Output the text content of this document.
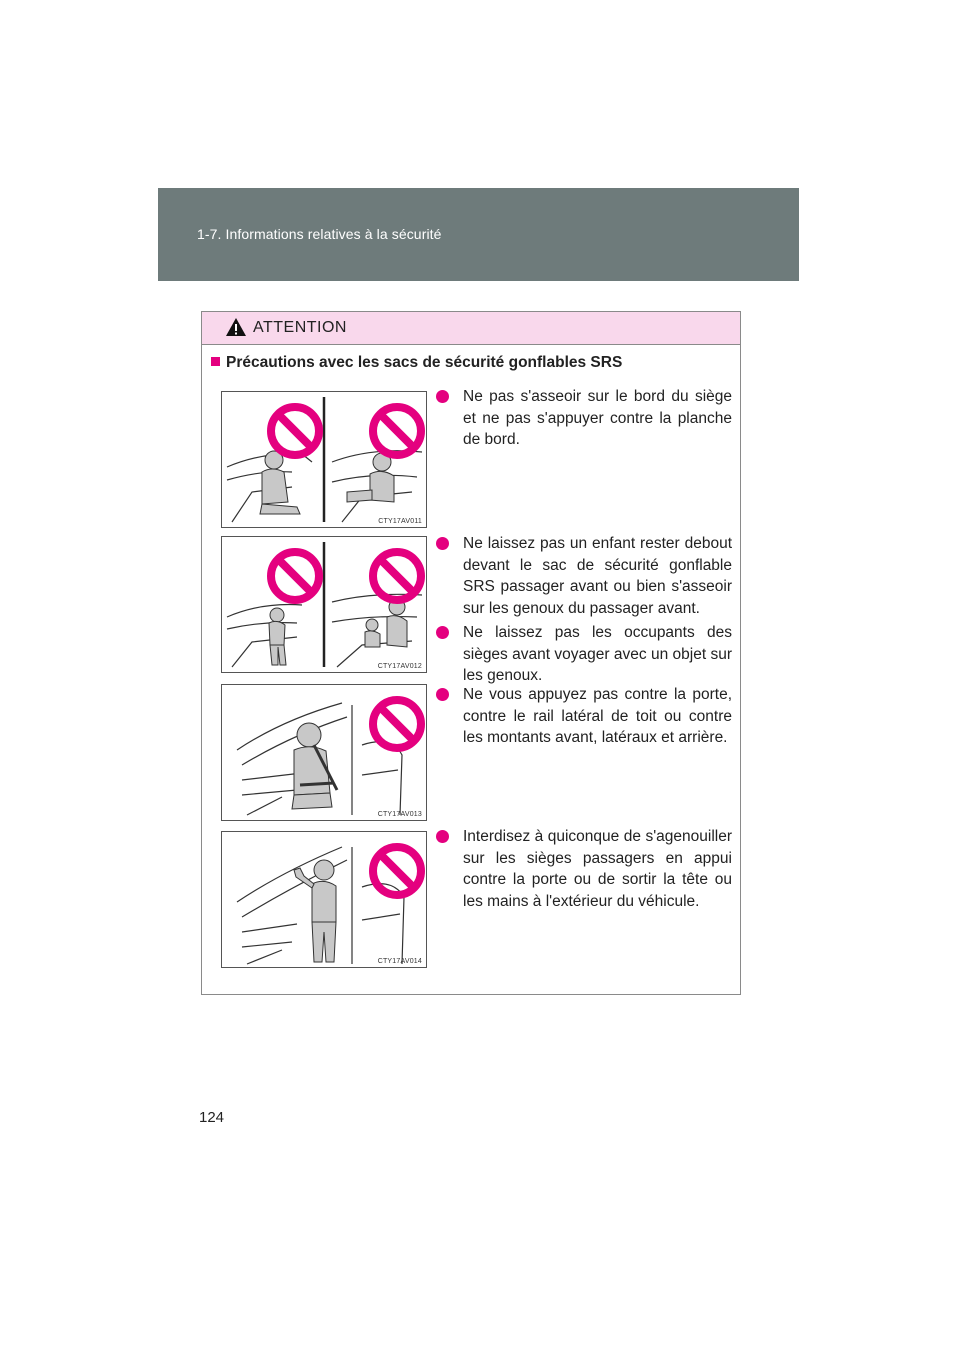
1-7. Informations relatives à la sécurité
ATTENTION
Précautions avec les sacs de sécurité gonflables SRS
CTY17AV011
CTY17AV012
CTY17AV013
CTY17AV014
Ne pas s'asseoir sur le bord du siège et ne pas s'appuyer contre la planche de bord.
Ne laissez pas un enfant rester debout devant le sac de sécurité gonflable SRS passager avant ou bien s'asseoir sur les genoux du passager avant.
Ne laissez pas les occupants des sièges avant voyager avec un objet sur les genoux.
Ne vous appuyez pas contre la porte, contre le rail latéral de toit ou contre les montants avant, latéraux et arrière.
Interdisez à quiconque de s'agenouiller sur les sièges passagers en appui contre la porte ou de sortir la tête ou les mains à l'extérieur du véhicule.
124
